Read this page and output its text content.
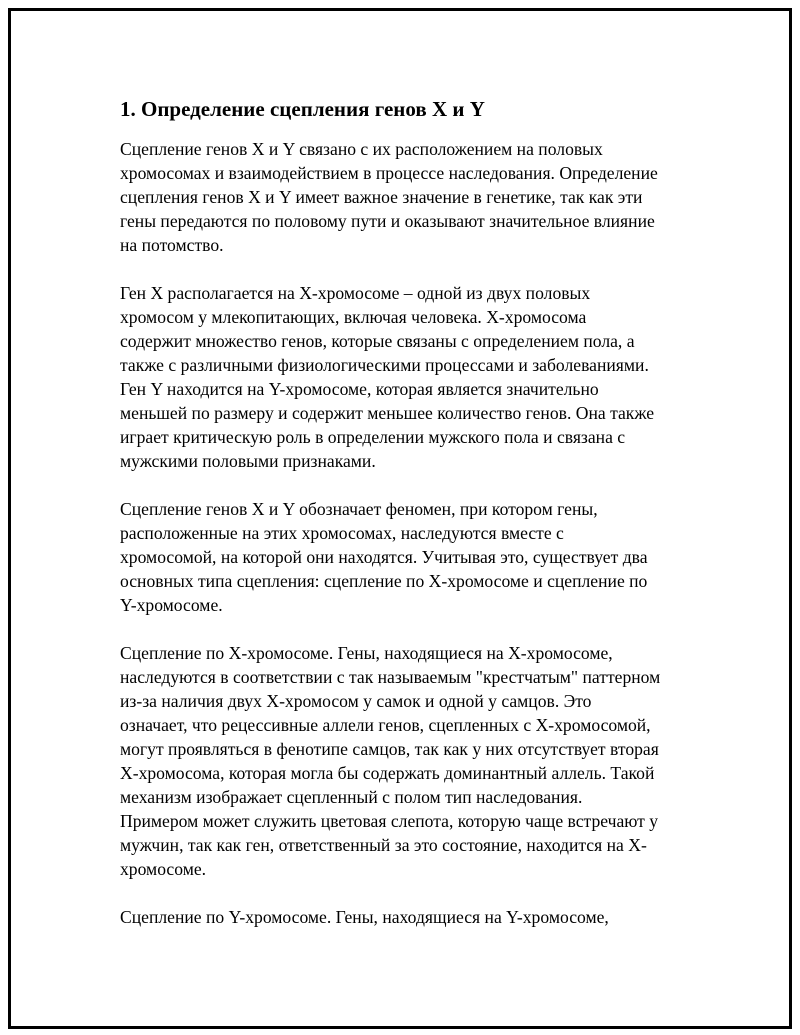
1. Определение сцепления генов X и Y

Сцепление генов X и Y связано с их расположением на половых
хромосомах и взаимодействием в процессе наследования. Определение
сцепления генов X и Y имеет важное значение в генетике, так как эти
гены передаются по половому пути и оказывают значительное влияние
на потомство.

Ген X располагается на X-хромосоме – одной из двух половых
хромосом у млекопитающих, включая человека. X-хромосома
содержит множество генов, которые связаны с определением пола, а
также с различными физиологическими процессами и заболеваниями.
Ген Y находится на Y-хромосоме, которая является значительно
меньшей по размеру и содержит меньшее количество генов. Она также
играет критическую роль в определении мужского пола и связана с
мужскими половыми признаками.

Сцепление генов X и Y обозначает феномен, при котором гены,
расположенные на этих хромосомах, наследуются вместе с
хромосомой, на которой они находятся. Учитывая это, существует два
основных типа сцепления: сцепление по X-хромосоме и сцепление по
Y-хромосоме.

Сцепление по X-хромосоме. Гены, находящиеся на X-хромосоме,
наследуются в соответствии с так называемым "крестчатым" паттерном
из-за наличия двух X-хромосом у самок и одной у самцов. Это
означает, что рецессивные аллели генов, сцепленных с X-хромосомой,
могут проявляться в фенотипе самцов, так как у них отсутствует вторая
X-хромосома, которая могла бы содержать доминантный аллель. Такой
механизм изображает сцепленный с полом тип наследования.
Примером может служить цветовая слепота, которую чаще встречают у
мужчин, так как ген, ответственный за это состояние, находится на X-
хромосоме.

Сцепление по Y-хромосоме. Гены, находящиеся на Y-хромосоме,
